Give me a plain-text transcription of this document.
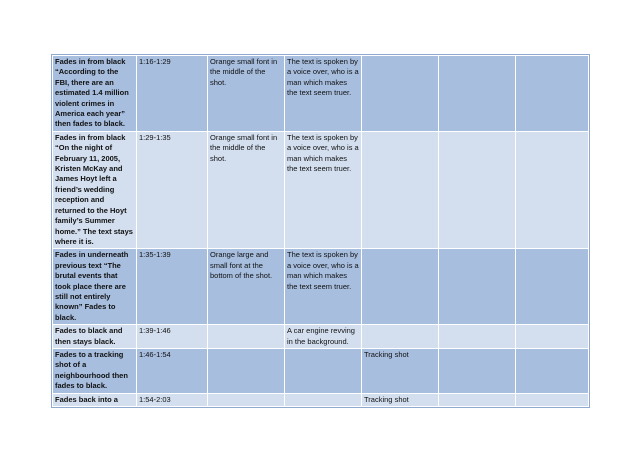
Fades in from black “According to the FBI, there are an estimated 1.4 million violent crimes in America each year” then fades to black.	1:16-1:29	Orange small font in the middle of the shot.	The text is spoken by a voice over, who is a man which makes the text seem truer.			
Fades in from black “On the night of February 11, 2005, Kristen McKay and James Hoyt left a friend’s wedding reception and returned to the Hoyt family’s Summer home.” The text stays where it is.	1:29-1:35	Orange small font in the middle of the shot.	The text is spoken by a voice over, who is a man which makes the text seem truer.			
Fades in underneath previous text “The brutal events that took place there are still not entirely known” Fades to black.	1:35-1:39	Orange large and small font at the bottom of the shot.	The text is spoken by a voice over, who is a man which makes the text seem truer.			
Fades to black and then stays black.	1:39-1:46		A car engine revving in the background.			
Fades to a tracking shot of a neighbourhood then fades to black.	1:46-1:54			Tracking shot		
Fades back into a	1:54-2:03			Tracking shot		
